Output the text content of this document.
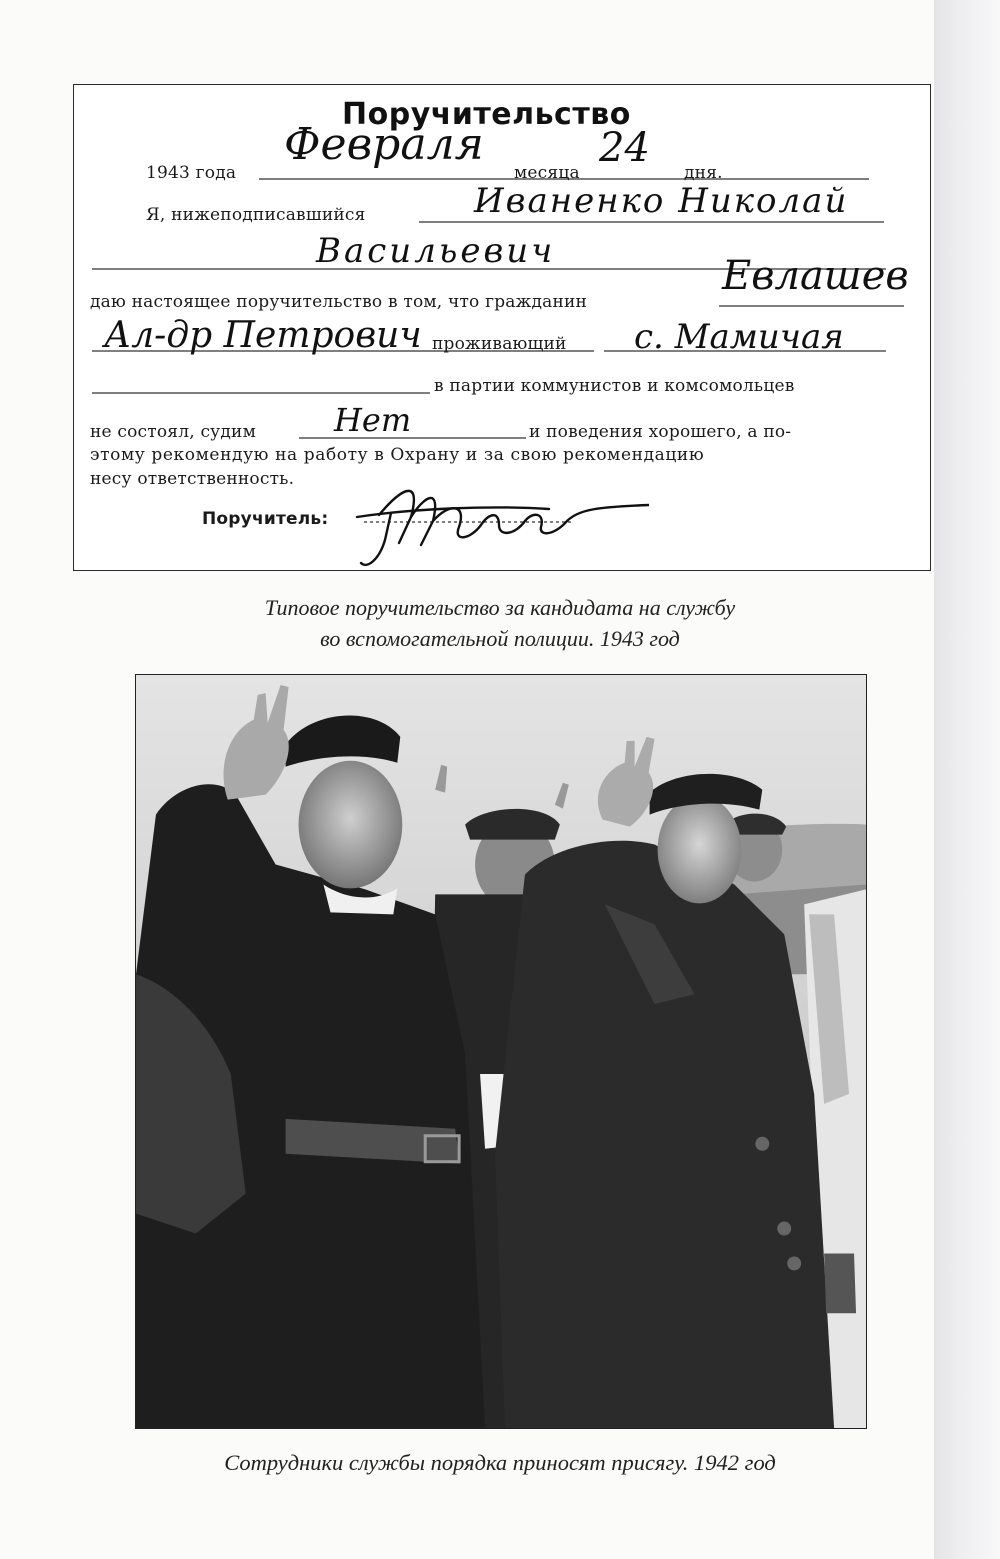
Поручительство
1943 года	месяца	дня.
Я, нижеподписавшийся
даю настоящее поручительство в том, что гражданин
проживающий
в партии коммунистов и комсомольцев
не состоял, судим	и поведения хорошего, а по-
этому рекомендую на работу в Охрану и за свою рекомендацию
несу ответственность.
Поручитель:
Февраля	24
Иваненко Николай
Васильевич
Евлашев
Ал-др Петрович	с. Мамичая
Нет
Типовое поручительство за кандидата на службу
во вспомогательной полиции. 1943 год
Сотрудники службы порядка приносят присягу. 1942 год
